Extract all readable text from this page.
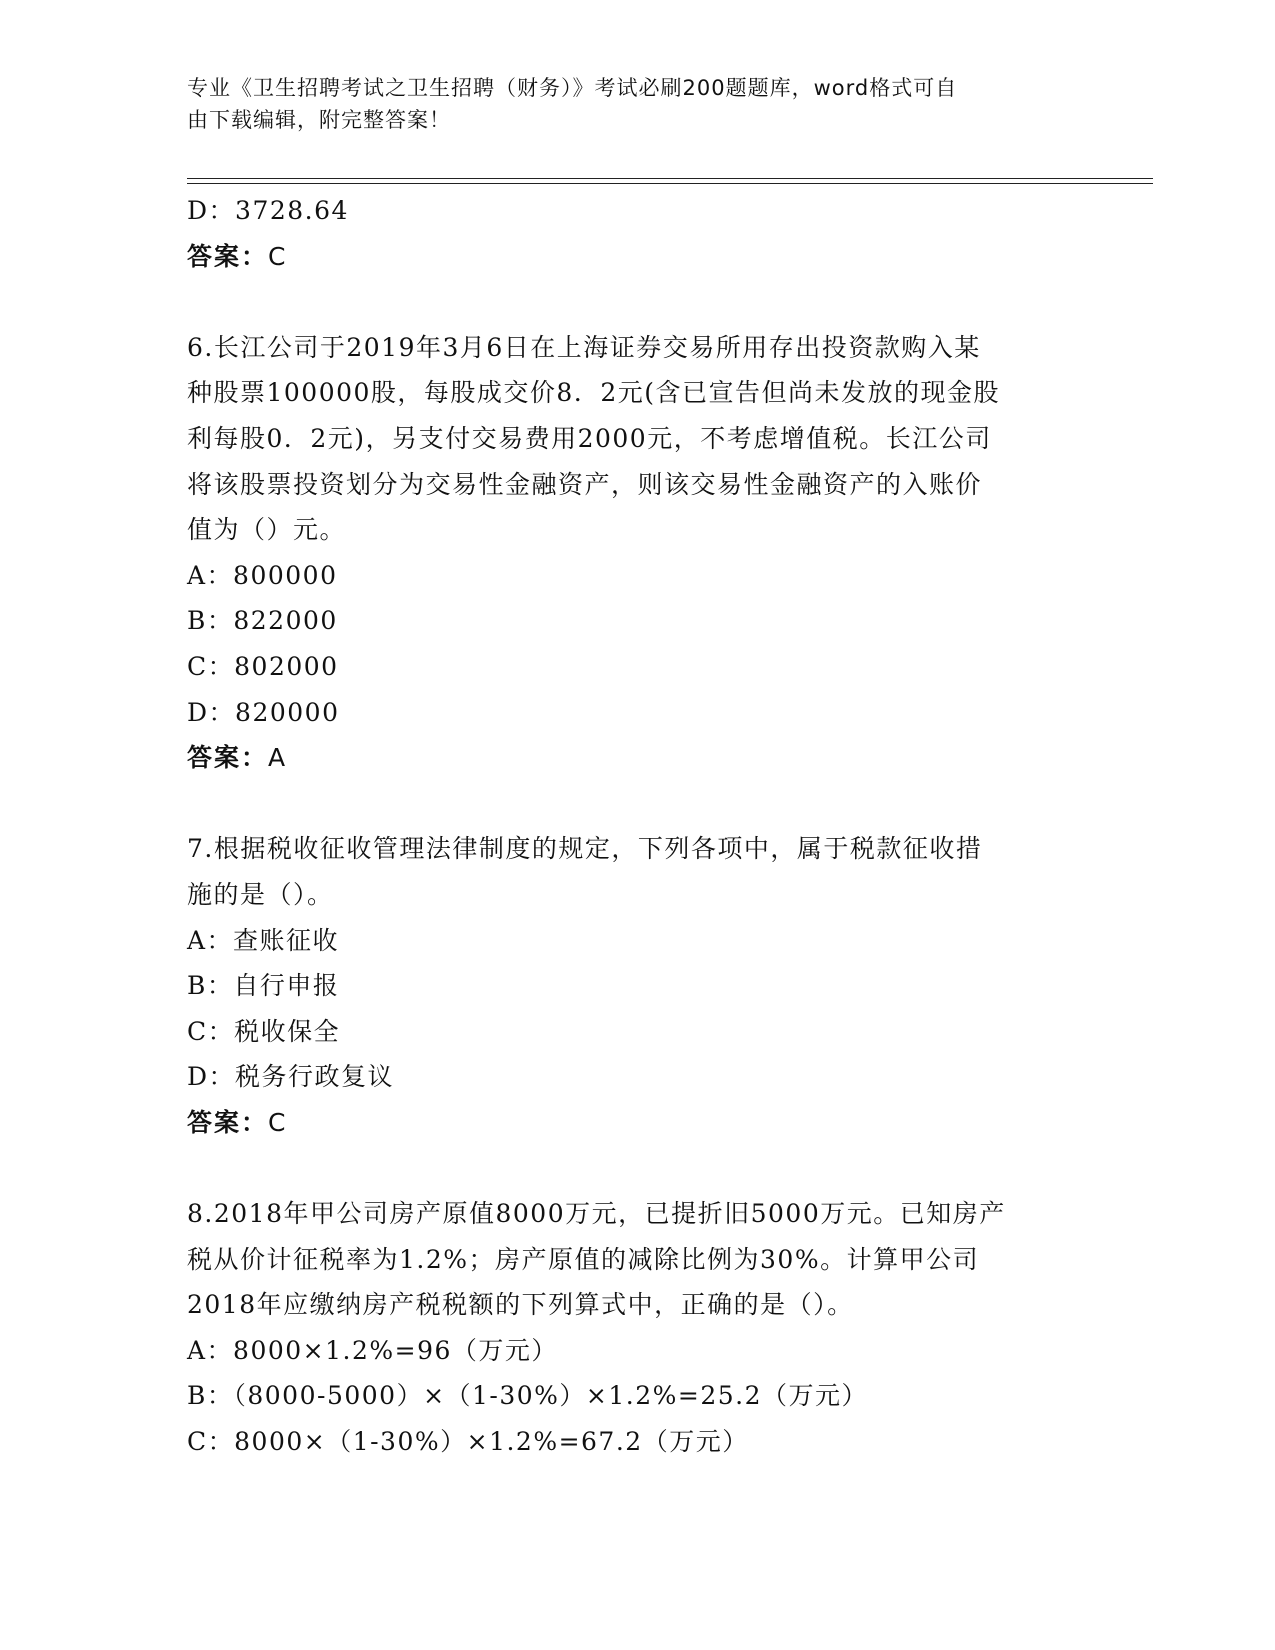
专业《卫生招聘考试之卫生招聘（财务）》考试必刷200题题库，word格式可自
由下载编辑，附完整答案！

D：3728.64

答案：C

6.长江公司于2019年3月6日在上海证券交易所用存出投资款购入某

种股票100000股，每股成交价8．2元(含已宣告但尚未发放的现金股

利每股0．2元)，另支付交易费用2000元，不考虑增值税。长江公司

将该股票投资划分为交易性金融资产，则该交易性金融资产的入账价

值为（）元。

A：800000

B：822000

C：802000

D：820000

答案：A

7.根据税收征收管理法律制度的规定，下列各项中，属于税款征收措

施的是（）。

A：查账征收

B：自行申报

C：税收保全

D：税务行政复议

答案：C

8.2018年甲公司房产原值8000万元，已提折旧5000万元。已知房产

税从价计征税率为1.2%；房产原值的减除比例为30%。计算甲公司

2018年应缴纳房产税税额的下列算式中，正确的是（）。

A：8000×1.2%=96（万元）

B：（8000-5000）×（1-30%）×1.2%=25.2（万元）

C：8000×（1-30%）×1.2%=67.2（万元）
